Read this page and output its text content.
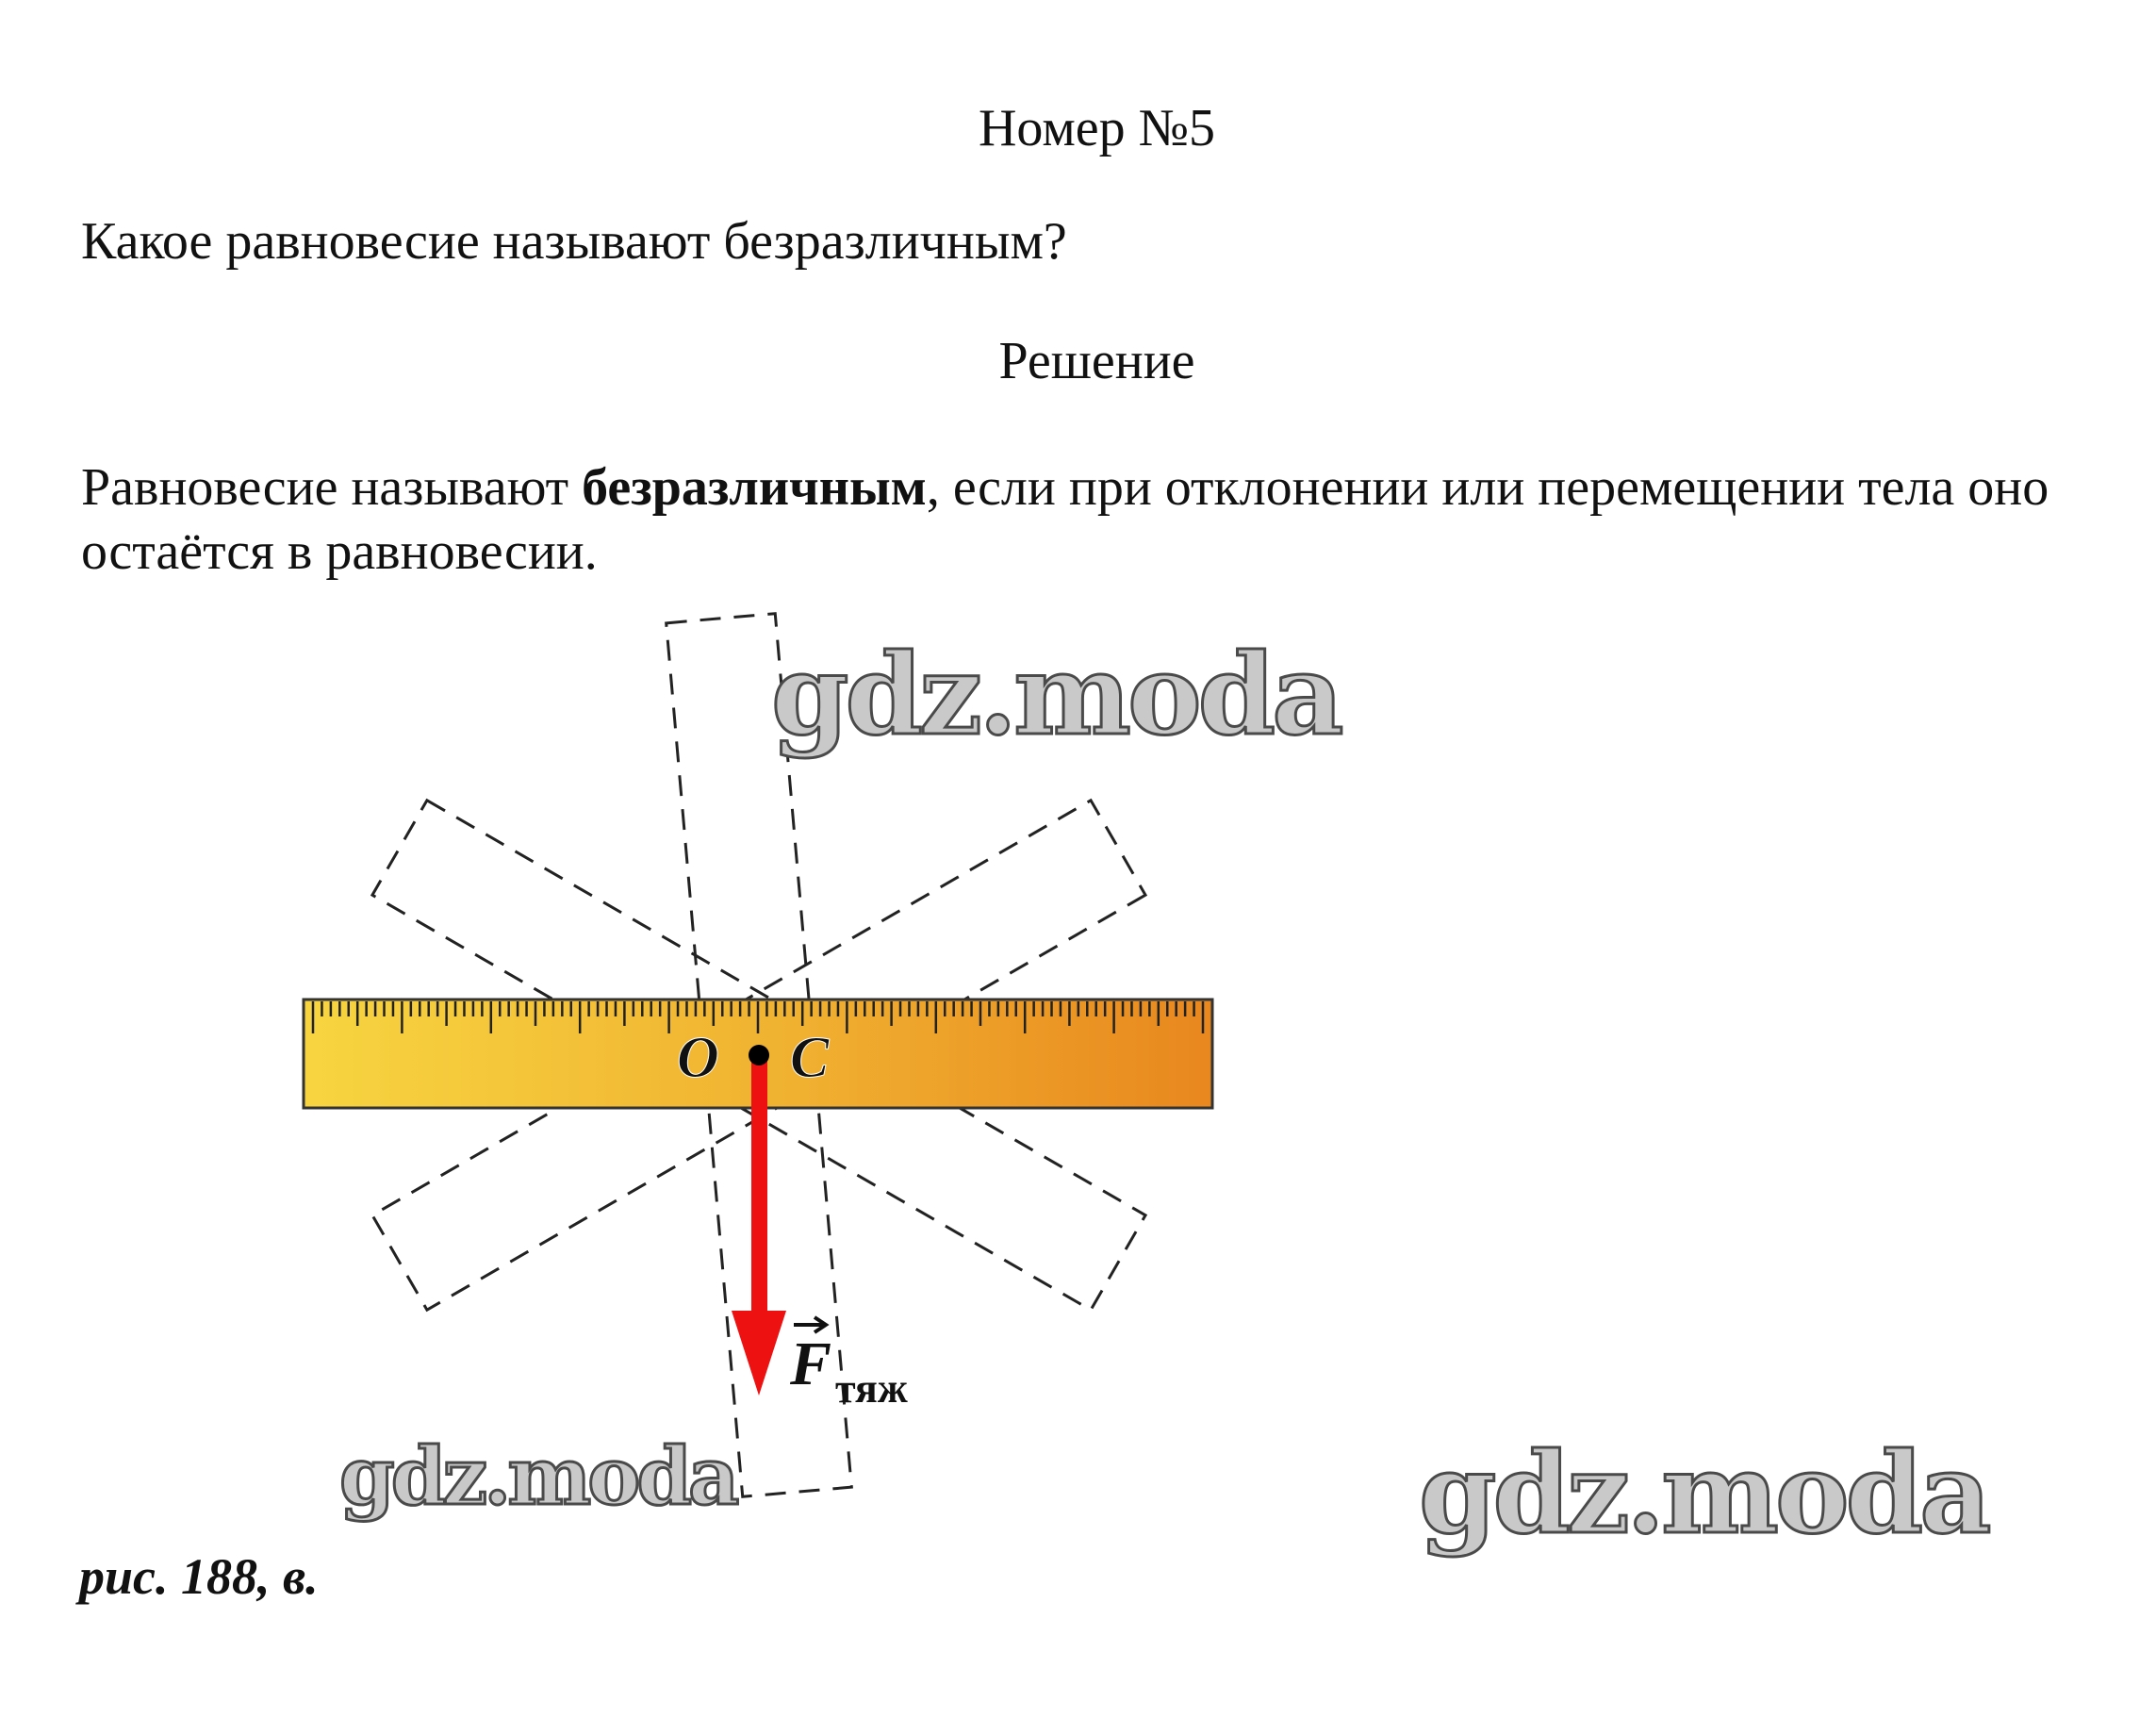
Номер №5
Какое равновесие называют безразличным?
Решение
Равновесие называют безразличным, если при отклонении или перемещении тела оно остаётся в равновесии.
O C
F тяж
gdz.moda
gdz.moda	gdz.moda
рис. 188, в.
